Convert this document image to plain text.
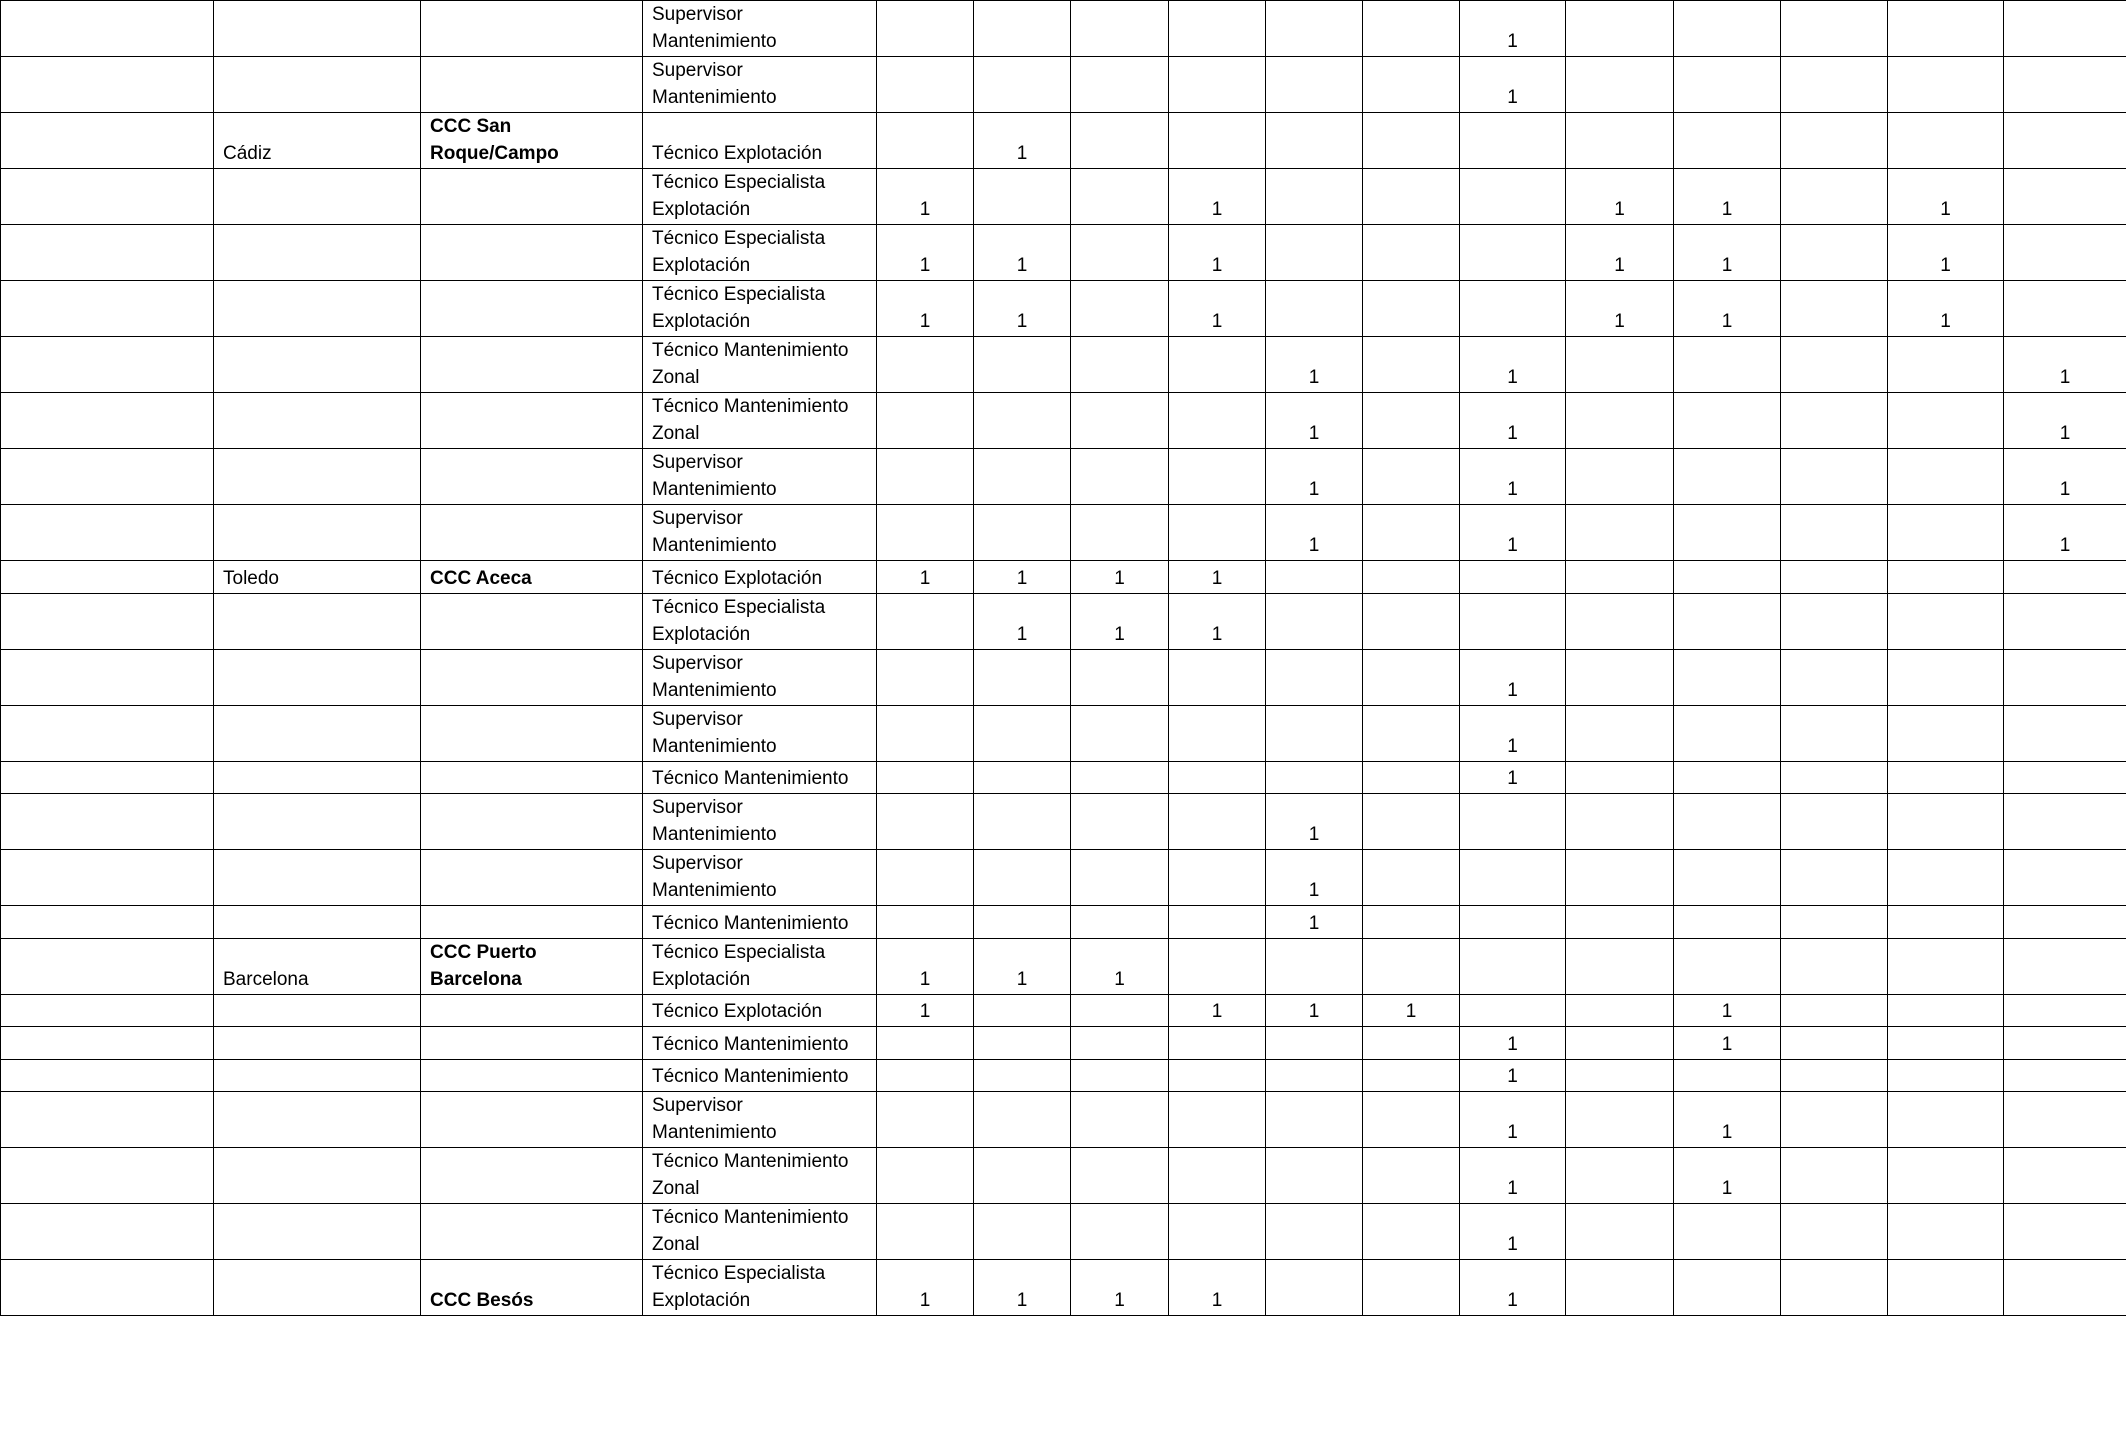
			Supervisor Mantenimiento							1					
			Supervisor Mantenimiento							1					
	Cádiz	CCC San Roque/Campo	Técnico Explotación		1										
			Técnico Especialista Explotación	1			1				1	1		1	
			Técnico Especialista Explotación	1	1		1				1	1		1	
			Técnico Especialista Explotación	1	1		1				1	1		1	
			Técnico Mantenimiento Zonal					1		1					1
			Técnico Mantenimiento Zonal					1		1					1
			Supervisor Mantenimiento					1		1					1
			Supervisor Mantenimiento					1		1					1
	Toledo	CCC Aceca	Técnico Explotación	1	1	1	1								
			Técnico Especialista Explotación		1	1	1								
			Supervisor Mantenimiento							1					
			Supervisor Mantenimiento							1					
			Técnico Mantenimiento							1					
			Supervisor Mantenimiento					1							
			Supervisor Mantenimiento					1							
			Técnico Mantenimiento					1							
	Barcelona	CCC Puerto Barcelona	Técnico Especialista Explotación	1	1	1									
			Técnico Explotación	1			1	1	1			1			
			Técnico Mantenimiento							1		1			
			Técnico Mantenimiento							1					
			Supervisor Mantenimiento							1		1			
			Técnico Mantenimiento Zonal							1		1			
			Técnico Mantenimiento Zonal							1					
		CCC Besós	Técnico Especialista Explotación	1	1	1	1			1					
